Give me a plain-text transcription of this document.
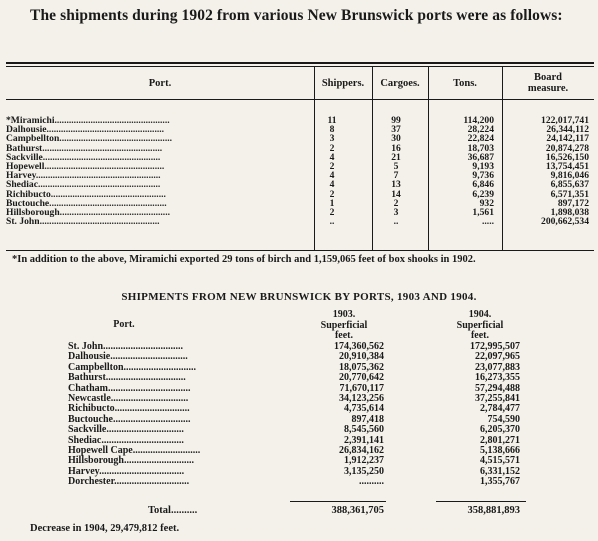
The shipments during 1902 from various New Brunswick ports were as follows:
Port.	Shippers.	Cargoes.	Tons.
Board
measure.
*Miramichi................................................	11	99	114,200	122,017,741
Dalhousie.................................................	8	37	28,224	26,344,112
Campbellton...............................................	3	30	22,824	24,142,117
Bathurst..................................................	2	16	18,703	20,874,278
Sackville.................................................	4	21	36,687	16,526,150
Hopewell..................................................	2	5	9,193	13,754,451
Harvey....................................................	4	7	9,736	9,816,046
Shediac...................................................	4	13	6,846	6,855,637
Richibucto................................................	2	14	6,239	6,571,351
Buctouche.................................................	1	2	932	897,172
Hillsborough..............................................	2	3	1,561	1,898,038
St. John..................................................	..	..	.....	200,662,534
*In addition to the above, Miramichi exported 29 tons of birch and 1,159,065 feet of box shooks in 1902.
SHIPMENTS FROM NEW BRUNSWICK BY PORTS, 1903 AND 1904.
Port.
1903.
Superficial
feet.
1904.
Superficial
feet.
St. John................................	174,360,562	172,995,507
Dalhousie...............................	20,910,384	22,097,965
Campbellton.............................	18,075,362	23,077,883
Bathurst................................	20,770,642	16,273,355
Chatham.................................	71,670,117	57,294,488
Newcastle...............................	34,123,256	37,255,841
Richibucto..............................	4,735,614	2,784,477
Buctouche...............................	897,418	754,590
Sackville...............................	8,545,560	6,205,370
Shediac.................................	2,391,141	2,801,271
Hopewell Cape...........................	26,834,162	5,138,666
Hillsborough............................	1,912,237	4,515,571
Harvey..................................	3,135,250	6,331,152
Dorchester..............................	..........	1,355,767
Total..........	388,361,705	358,881,893
Decrease in 1904, 29,479,812 feet.
